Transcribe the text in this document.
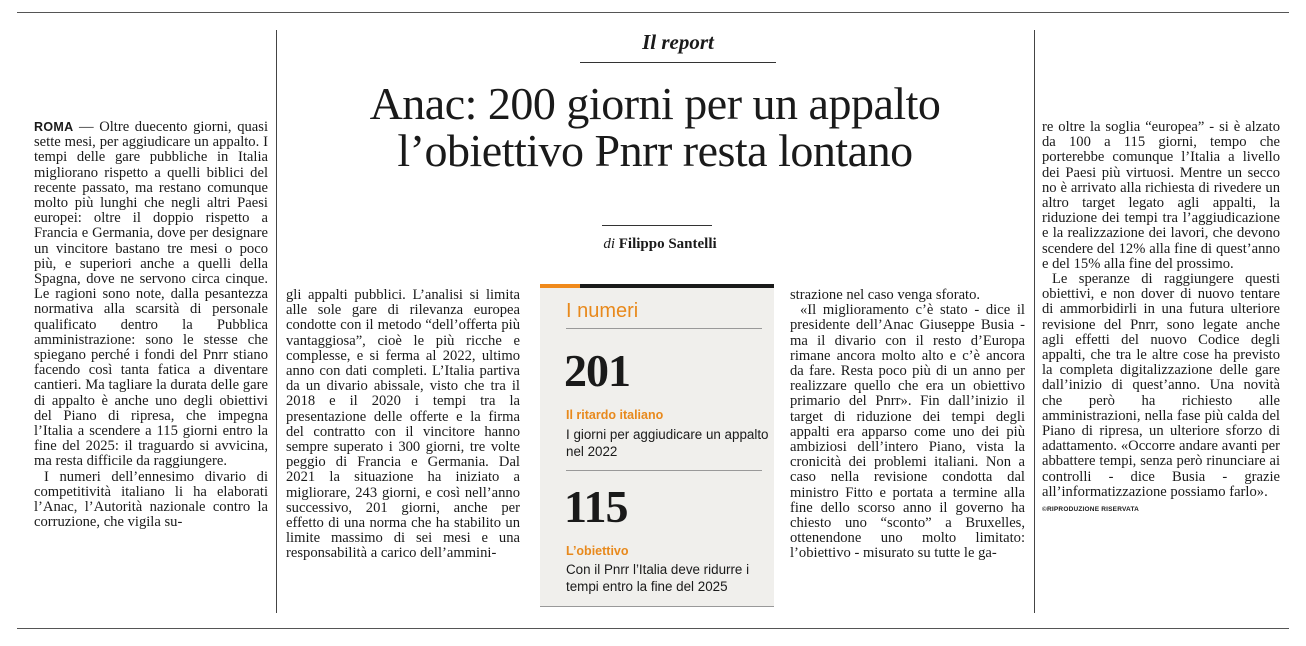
Il report
Anac: 200 giorni per un appalto
l’obiettivo Pnrr resta lontano
di Filippo Santelli

ROMA — Oltre duecento giorni, quasi sette mesi, per aggiudicare un appalto. I tempi delle gare pubbliche in Italia migliorano rispetto a quelli biblici del recente passato, ma restano comunque molto più lunghi che negli altri Paesi europei: oltre il doppio rispetto a Francia e Germania, dove per designare un vincitore bastano tre mesi o poco più, e superiori anche a quelli della Spagna, dove ne servono circa cinque. Le ragioni sono note, dalla pesantezza normativa alla scarsità di personale qualificato dentro la Pubblica amministrazione: sono le stesse che spiegano perché i fondi del Pnrr stiano facendo così tanta fatica a diventare cantieri. Ma tagliare la durata delle gare di appalto è anche uno degli obiettivi del Piano di ripresa, che impegna l’Italia a scendere a 115 giorni entro la fine del 2025: il traguardo si avvicina, ma resta difficile da raggiungere.

I numeri dell’ennesimo divario di competitività italiano li ha elaborati l’Anac, l’Autorità nazionale contro la corruzione, che vigila su-

gli appalti pubblici. L’analisi si limita alle sole gare di rilevanza europea condotte con il metodo “dell’offerta più vantaggiosa”, cioè le più ricche e complesse, e si ferma al 2022, ultimo anno con dati completi. L’Italia partiva da un divario abissale, visto che tra il 2018 e il 2020 i tempi tra la presentazione delle offerte e la firma del contratto con il vincitore hanno sempre superato i 300 giorni, tre volte peggio di Francia e Germania. Dal 2021 la situazione ha iniziato a migliorare, 243 giorni, e così nell’anno successivo, 201 giorni, anche per effetto di una norma che ha stabilito un limite massimo di sei mesi e una responsabilità a carico dell’ammini-

strazione nel caso venga sforato.

«Il miglioramento c’è stato - dice il presidente dell’Anac Giuseppe Busia - ma il divario con il resto d’Europa rimane ancora molto alto e c’è ancora da fare. Resta poco più di un anno per realizzare quello che era un obiettivo primario del Pnrr». Fin dall’inizio il target di riduzione dei tempi degli appalti era apparso come uno dei più ambiziosi dell’intero Piano, vista la cronicità dei problemi italiani. Non a caso nella revisione condotta dal ministro Fitto e portata a termine alla fine dello scorso anno il governo ha chiesto uno “sconto” a Bruxelles, ottenendone uno molto limitato: l’obiettivo - misurato su tutte le ga-

re oltre la soglia “europea” - si è alzato da 100 a 115 giorni, tempo che porterebbe comunque l’Italia a livello dei Paesi più virtuosi. Mentre un secco no è arrivato alla richiesta di rivedere un altro target legato agli appalti, la riduzione dei tempi tra l’aggiudicazione e la realizzazione dei lavori, che devono scendere del 12% alla fine di quest’anno e del 15% alla fine del prossimo.

Le speranze di raggiungere questi obiettivi, e non dover di nuovo tentare di ammorbidirli in una futura ulteriore revisione del Pnrr, sono legate anche agli effetti del nuovo Codice degli appalti, che tra le altre cose ha previsto la completa digitalizzazione delle gare dall’inizio di quest’anno. Una novità che però ha richiesto alle amministrazioni, nella fase più calda del Piano di ripresa, un ulteriore sforzo di adattamento. «Occorre andare avanti per abbattere tempi, senza però rinunciare ai controlli - dice Busia - grazie all’informatizzazione possiamo farlo».

©RIPRODUZIONE RISERVATA

I numeri
201
Il ritardo italiano
I giorni per aggiudicare un appalto nel 2022
115
L’obiettivo
Con il Pnrr l’Italia deve ridurre i tempi entro la fine del 2025
